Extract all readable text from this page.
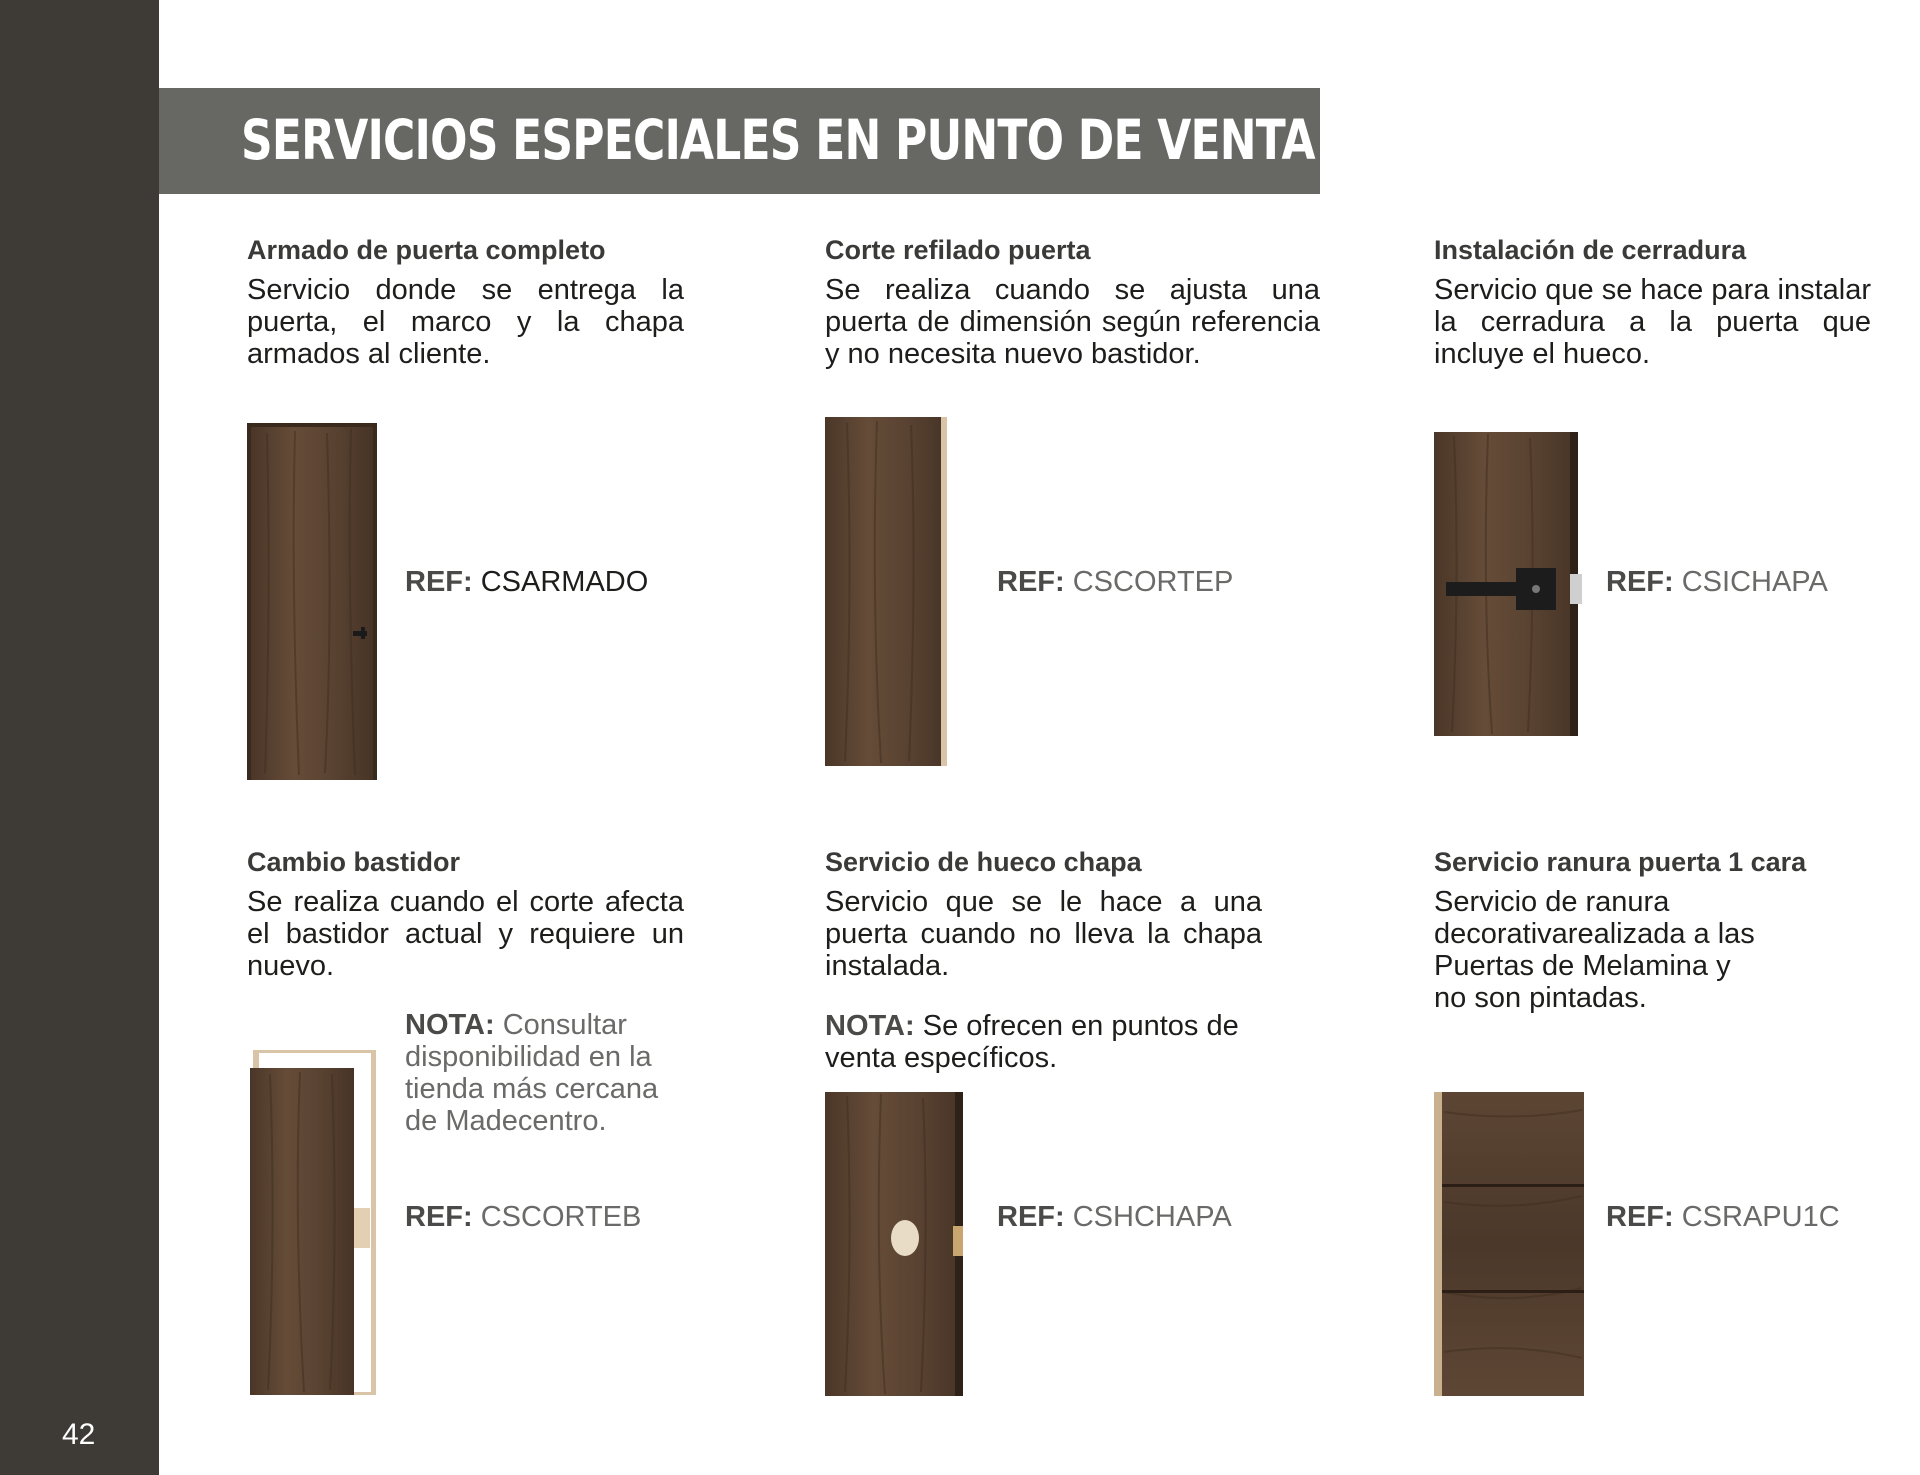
42
SERVICIOS ESPECIALES EN PUNTO DE VENTA
Armado de puerta completo

Servicio donde se entrega la puerta, el marco y la chapa armados al cliente.

REF: CSARMADO
Corte refilado puerta

Se realiza cuando se ajusta una puerta de dimensión según referencia y no necesita nuevo bastidor.

REF: CSCORTEP
Instalación de cerradura

Servicio que se hace para instalar la cerradura a la puerta que incluye el hueco.

REF: CSICHAPA
Cambio bastidor

Se realiza cuando el corte afecta el bastidor actual y requiere un nuevo.

NOTA: Consultar disponibilidad en la tienda más cercana de Madecentro.
REF: CSCORTEB
Servicio de hueco chapa

Servicio que se le hace a una puerta cuando no lleva la chapa instalada.

NOTA: Se ofrecen en puntos de venta específicos.
REF: CSHCHAPA
Servicio ranura puerta 1 cara

Servicio de ranura decorativarealizada a las Puertas de Melamina y no son pintadas.

REF: CSRAPU1C
